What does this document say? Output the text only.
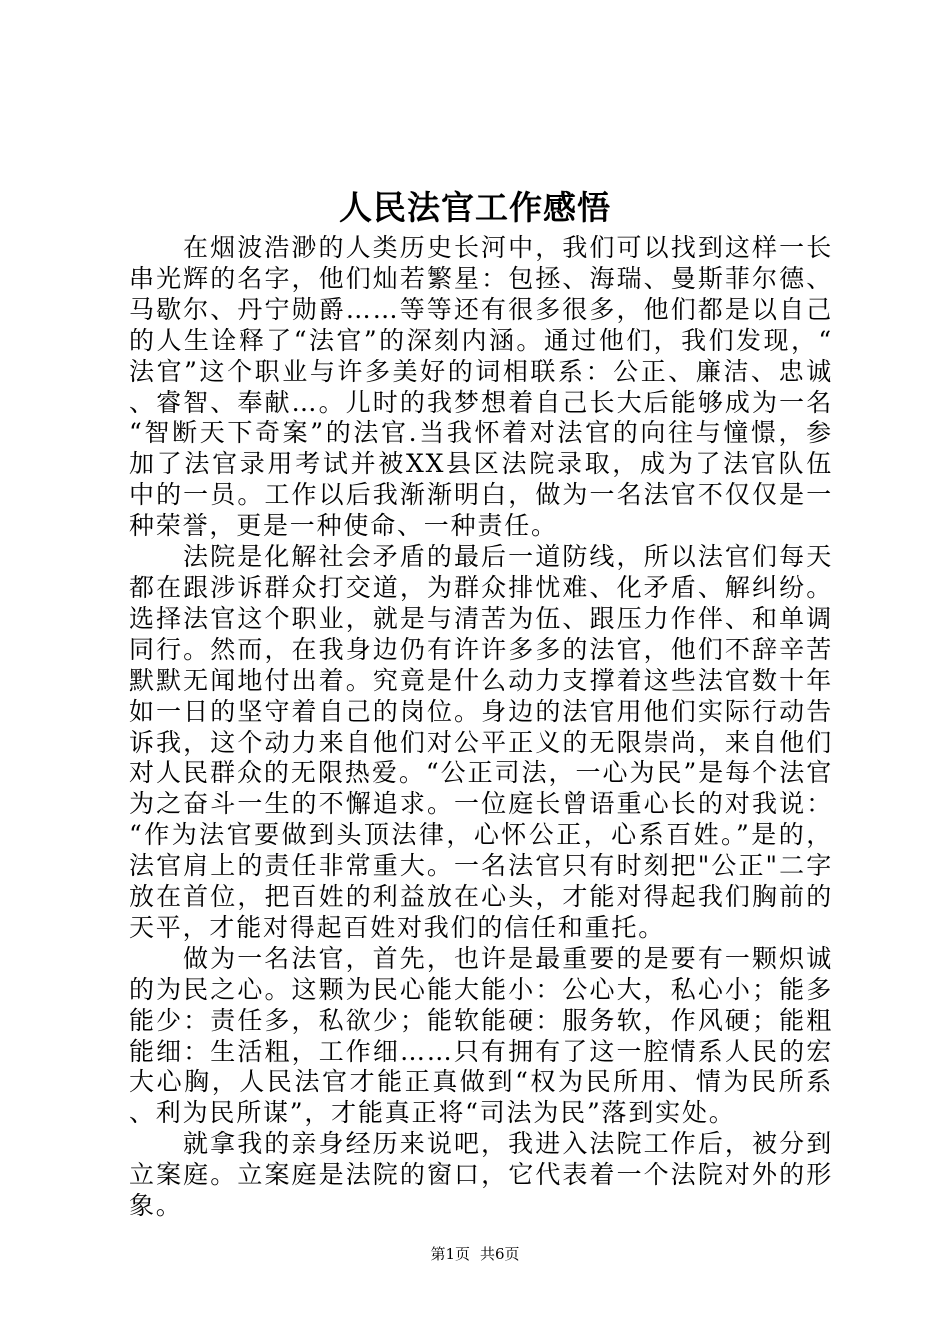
人民法官工作感悟

在烟波浩渺的人类历史长河中，我们可以找到这样一长串光辉的名字，他们灿若繁星：包拯、海瑞、曼斯菲尔德、马歇尔、丹宁勋爵……等等还有很多很多，他们都是以自己的人生诠释了“法官”的深刻内涵。通过他们，我们发现，“法官”这个职业与许多美好的词相联系：公正、廉洁、忠诚、睿智、奉献…。儿时的我梦想着自己长大后能够成为一名“智断天下奇案”的法官.当我怀着对法官的向往与憧憬，参加了法官录用考试并被XX县区法院录取，成为了法官队伍中的一员。工作以后我渐渐明白，做为一名法官不仅仅是一种荣誉，更是一种使命、一种责任。

法院是化解社会矛盾的最后一道防线，所以法官们每天都在跟涉诉群众打交道，为群众排忧难、化矛盾、解纠纷。选择法官这个职业，就是与清苦为伍、跟压力作伴、和单调同行。然而，在我身边仍有许许多多的法官，他们不辞辛苦默默无闻地付出着。究竟是什么动力支撑着这些法官数十年如一日的坚守着自己的岗位。身边的法官用他们实际行动告诉我，这个动力来自他们对公平正义的无限崇尚，来自他们对人民群众的无限热爱。“公正司法，一心为民”是每个法官为之奋斗一生的不懈追求。一位庭长曾语重心长的对我说：“作为法官要做到头顶法律，心怀公正，心系百姓。”是的，法官肩上的责任非常重大。一名法官只有时刻把"公正"二字放在首位，把百姓的利益放在心头，才能对得起我们胸前的天平，才能对得起百姓对我们的信任和重托。

做为一名法官，首先，也许是最重要的是要有一颗炽诚的为民之心。这颗为民心能大能小：公心大，私心小；能多能少：责任多，私欲少；能软能硬：服务软，作风硬；能粗能细：生活粗，工作细……只有拥有了这一腔情系人民的宏大心胸，人民法官才能正真做到“权为民所用、情为民所系、利为民所谋”，才能真正将“司法为民”落到实处。

就拿我的亲身经历来说吧，我进入法院工作后，被分到立案庭。立案庭是法院的窗口，它代表着一个法院对外的形象。

第1页 共6页
